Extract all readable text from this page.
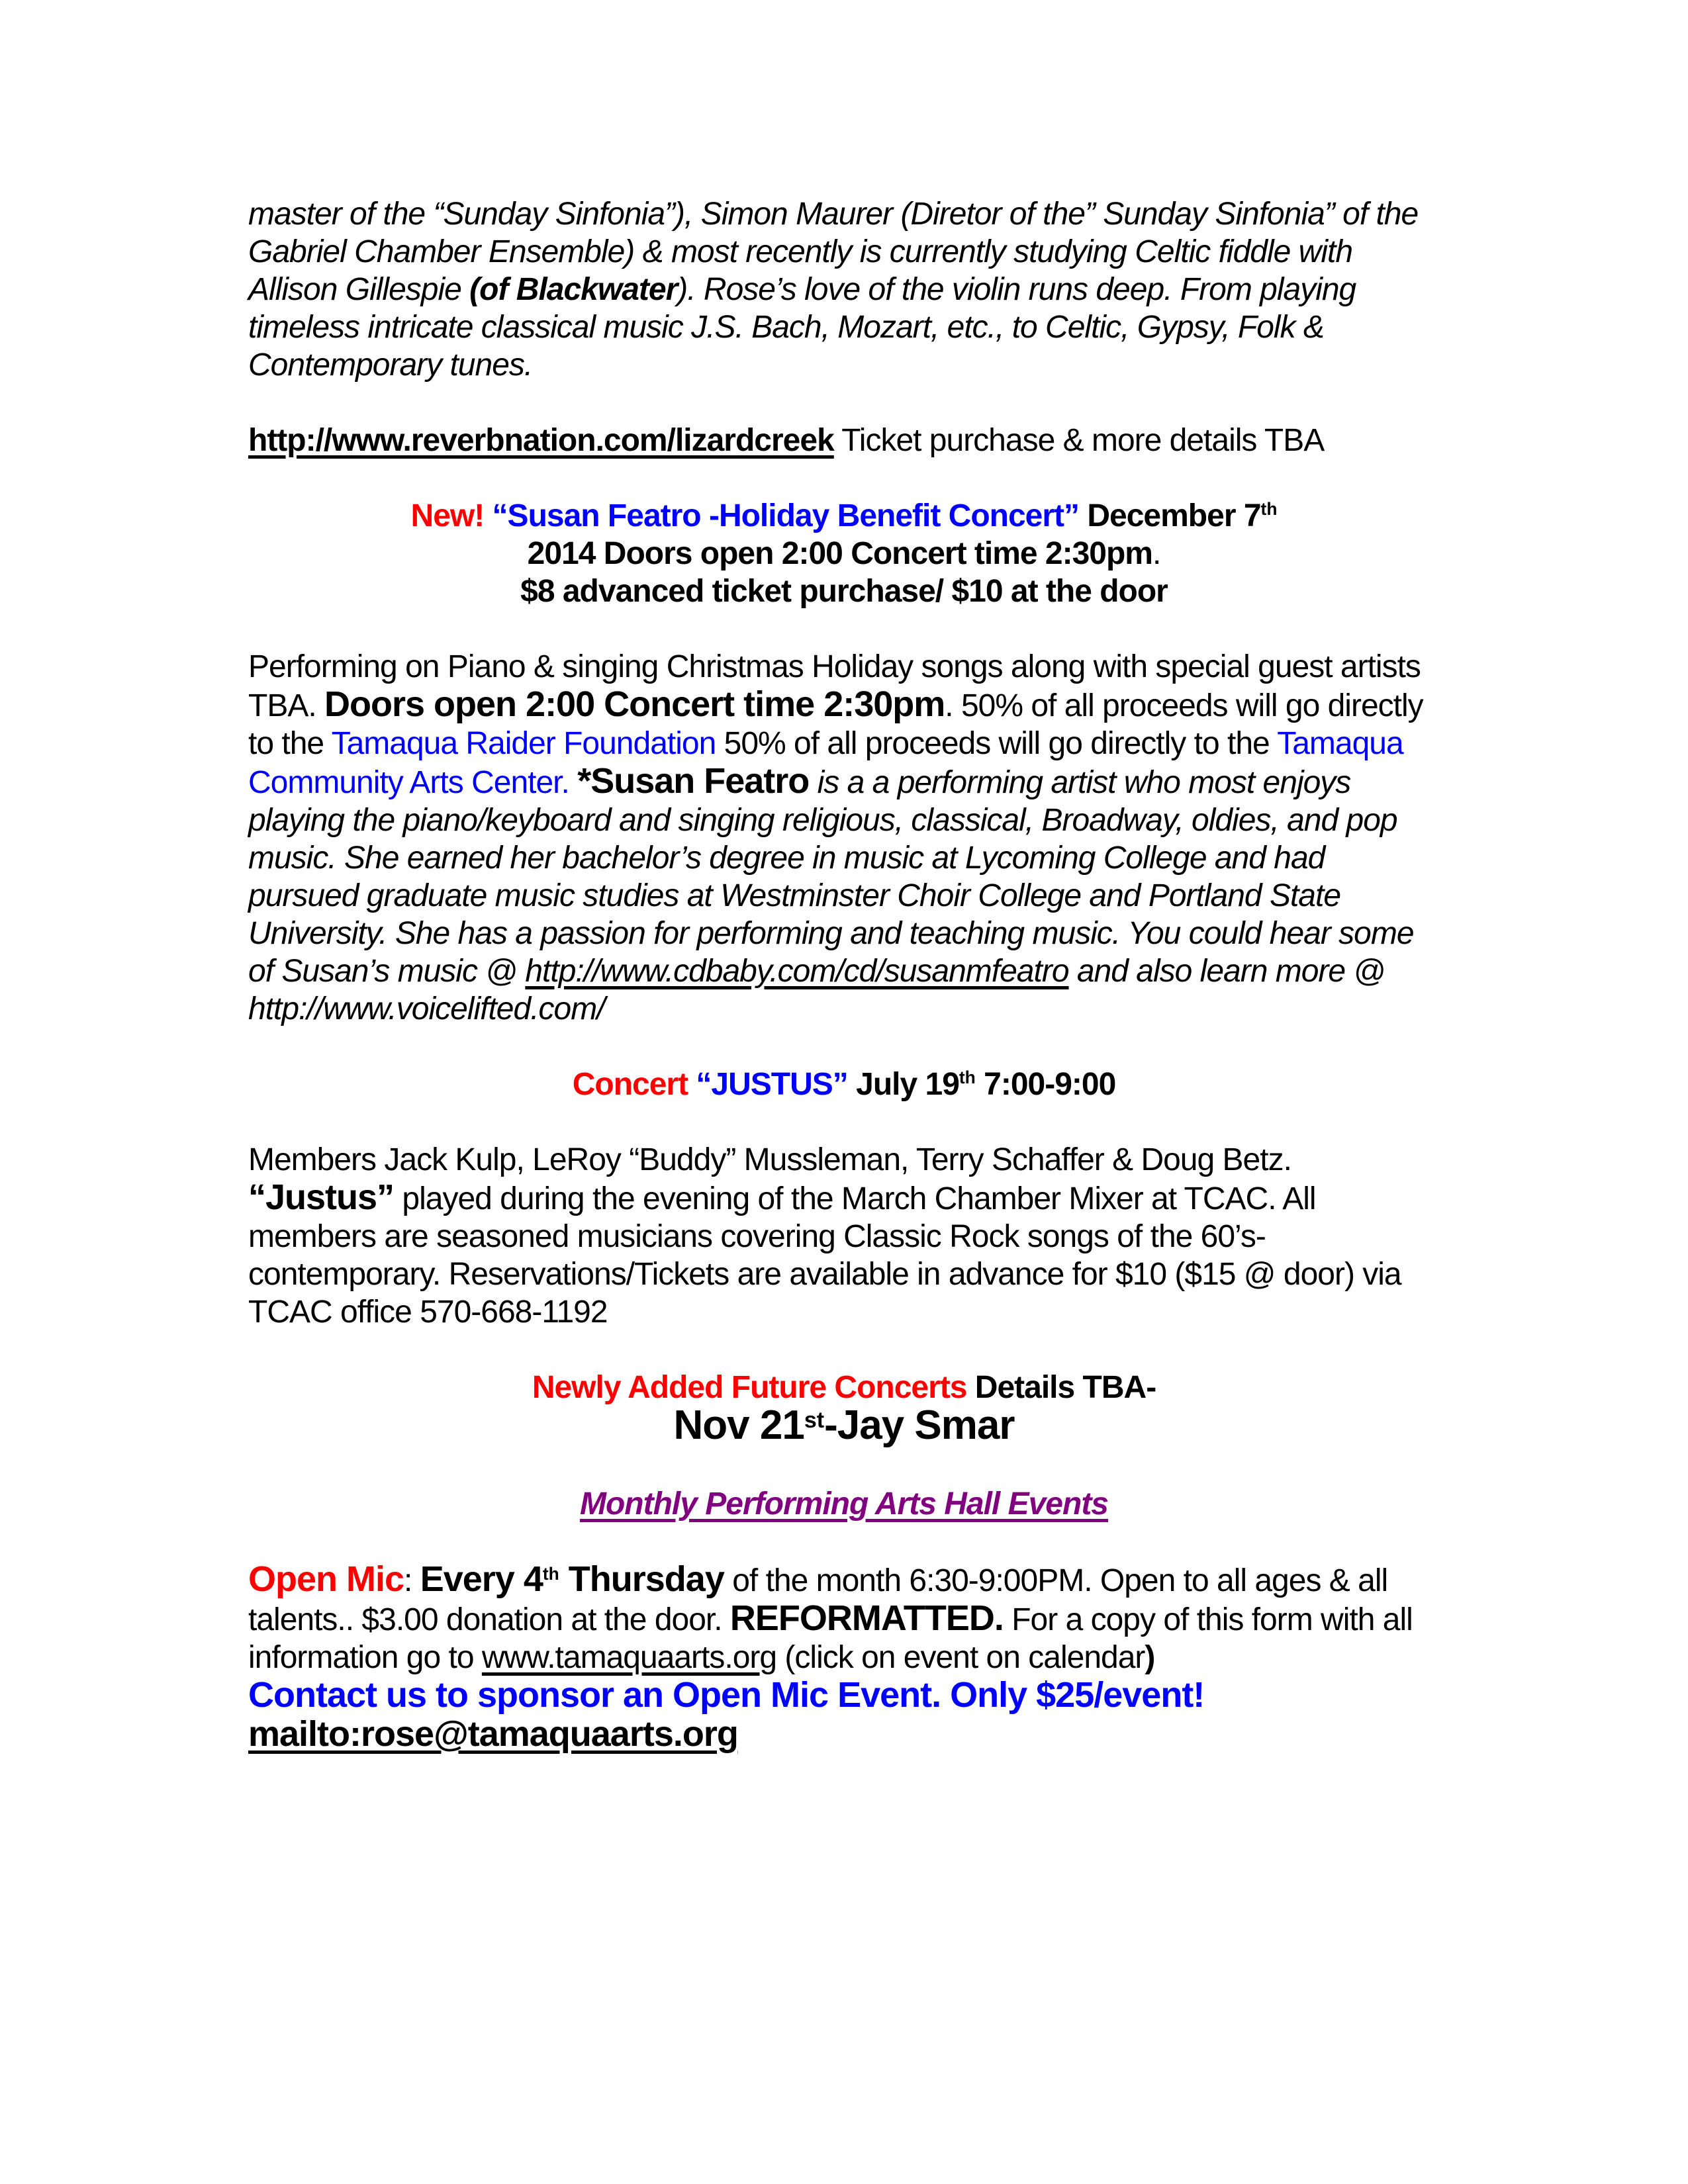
master of the “Sunday Sinfonia”), Simon Maurer (Diretor of the” Sunday Sinfonia” of the Gabriel Chamber Ensemble) & most recently is currently studying Celtic fiddle with Allison Gillespie (of Blackwater). Rose’s love of the violin runs deep. From playing timeless intricate classical music J.S. Bach, Mozart, etc., to Celtic, Gypsy, Folk & Contemporary tunes.

http://www.reverbnation.com/lizardcreek Ticket purchase & more details TBA

New! “Susan Featro -Holiday Benefit Concert” December 7th
2014 Doors open 2:00 Concert time 2:30pm.
$8 advanced ticket purchase/ $10 at the door

Performing on Piano & singing Christmas Holiday songs along with special guest artists TBA. Doors open 2:00 Concert time 2:30pm. 50% of all proceeds will go directly to the Tamaqua Raider Foundation 50% of all proceeds will go directly to the Tamaqua Community Arts Center. *Susan Featro is a a performing artist who most enjoys playing the piano/keyboard and singing religious, classical, Broadway, oldies, and pop music. She earned her bachelor’s degree in music at Lycoming College and had pursued graduate music studies at Westminster Choir College and Portland State University. She has a passion for performing and teaching music. You could hear some of Susan’s music @ http://www.cdbaby.com/cd/susanmfeatro and also learn more @
http://www.voicelifted.com/

Concert “JUSTUS” July 19th 7:00-9:00

Members Jack Kulp, LeRoy “Buddy” Mussleman, Terry Schaffer & Doug Betz. “Justus” played during the evening of the March Chamber Mixer at TCAC. All members are seasoned musicians covering Classic Rock songs of the 60’s-contemporary. Reservations/Tickets are available in advance for $10 ($15 @ door) via TCAC office 570-668-1192

Newly Added Future Concerts Details TBA-
Nov 21st-Jay Smar

Monthly Performing Arts Hall Events

Open Mic: Every 4th Thursday of the month 6:30-9:00PM. Open to all ages & all talents.. $3.00 donation at the door. REFORMATTED. For a copy of this form with all information go to www.tamaquaarts.org (click on event on calendar)
Contact us to sponsor an Open Mic Event. Only $25/event!
mailto:rose@tamaquaarts.org
